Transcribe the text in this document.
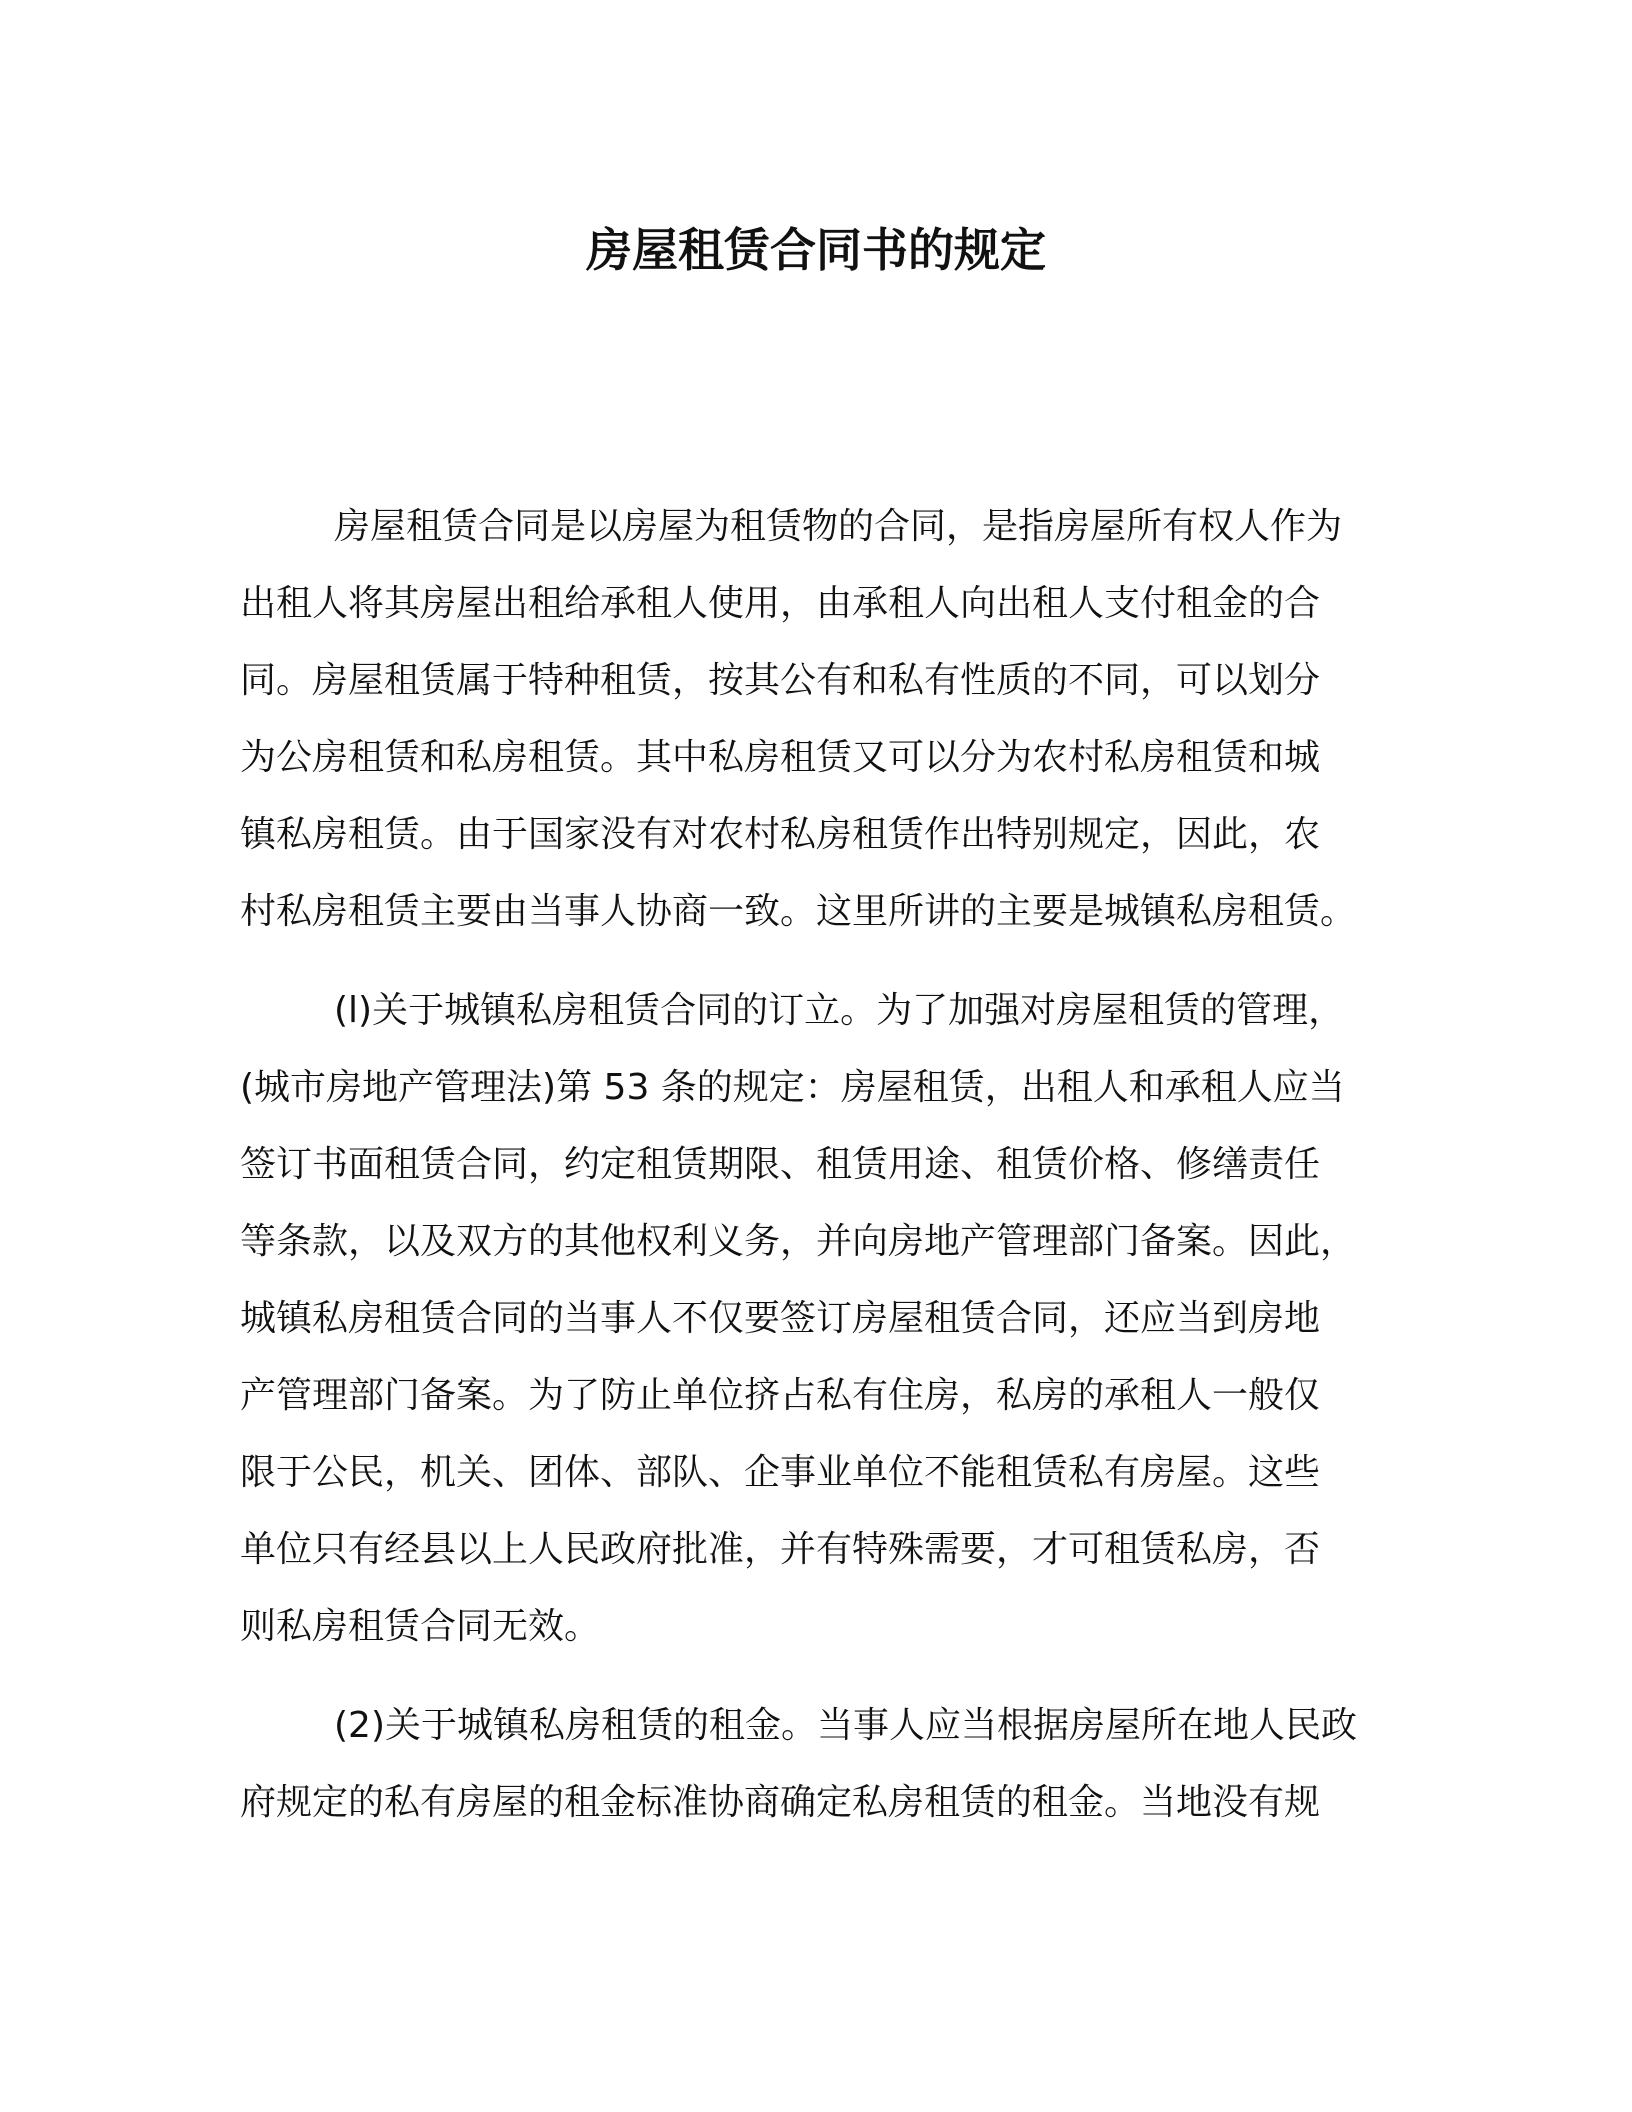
房屋租赁合同书的规定
房屋租赁合同是以房屋为租赁物的合同，是指房屋所有权人作为
出租人将其房屋出租给承租人使用，由承租人向出租人支付租金的合
同。房屋租赁属于特种租赁，按其公有和私有性质的不同，可以划分
为公房租赁和私房租赁。其中私房租赁又可以分为农村私房租赁和城
镇私房租赁。由于国家没有对农村私房租赁作出特别规定，因此，农
村私房租赁主要由当事人协商一致。这里所讲的主要是城镇私房租赁。
(l)关于城镇私房租赁合同的订立。为了加强对房屋租赁的管理，
(城市房地产管理法)第 53 条的规定：房屋租赁，出租人和承租人应当
签订书面租赁合同，约定租赁期限、租赁用途、租赁价格、修缮责任
等条款，以及双方的其他权利义务，并向房地产管理部门备案。因此，
城镇私房租赁合同的当事人不仅要签订房屋租赁合同，还应当到房地
产管理部门备案。为了防止单位挤占私有住房，私房的承租人一般仅
限于公民，机关、团体、部队、企事业单位不能租赁私有房屋。这些
单位只有经县以上人民政府批准，并有特殊需要，才可租赁私房，否
则私房租赁合同无效。
(2)关于城镇私房租赁的租金。当事人应当根据房屋所在地人民政
府规定的私有房屋的租金标准协商确定私房租赁的租金。当地没有规
